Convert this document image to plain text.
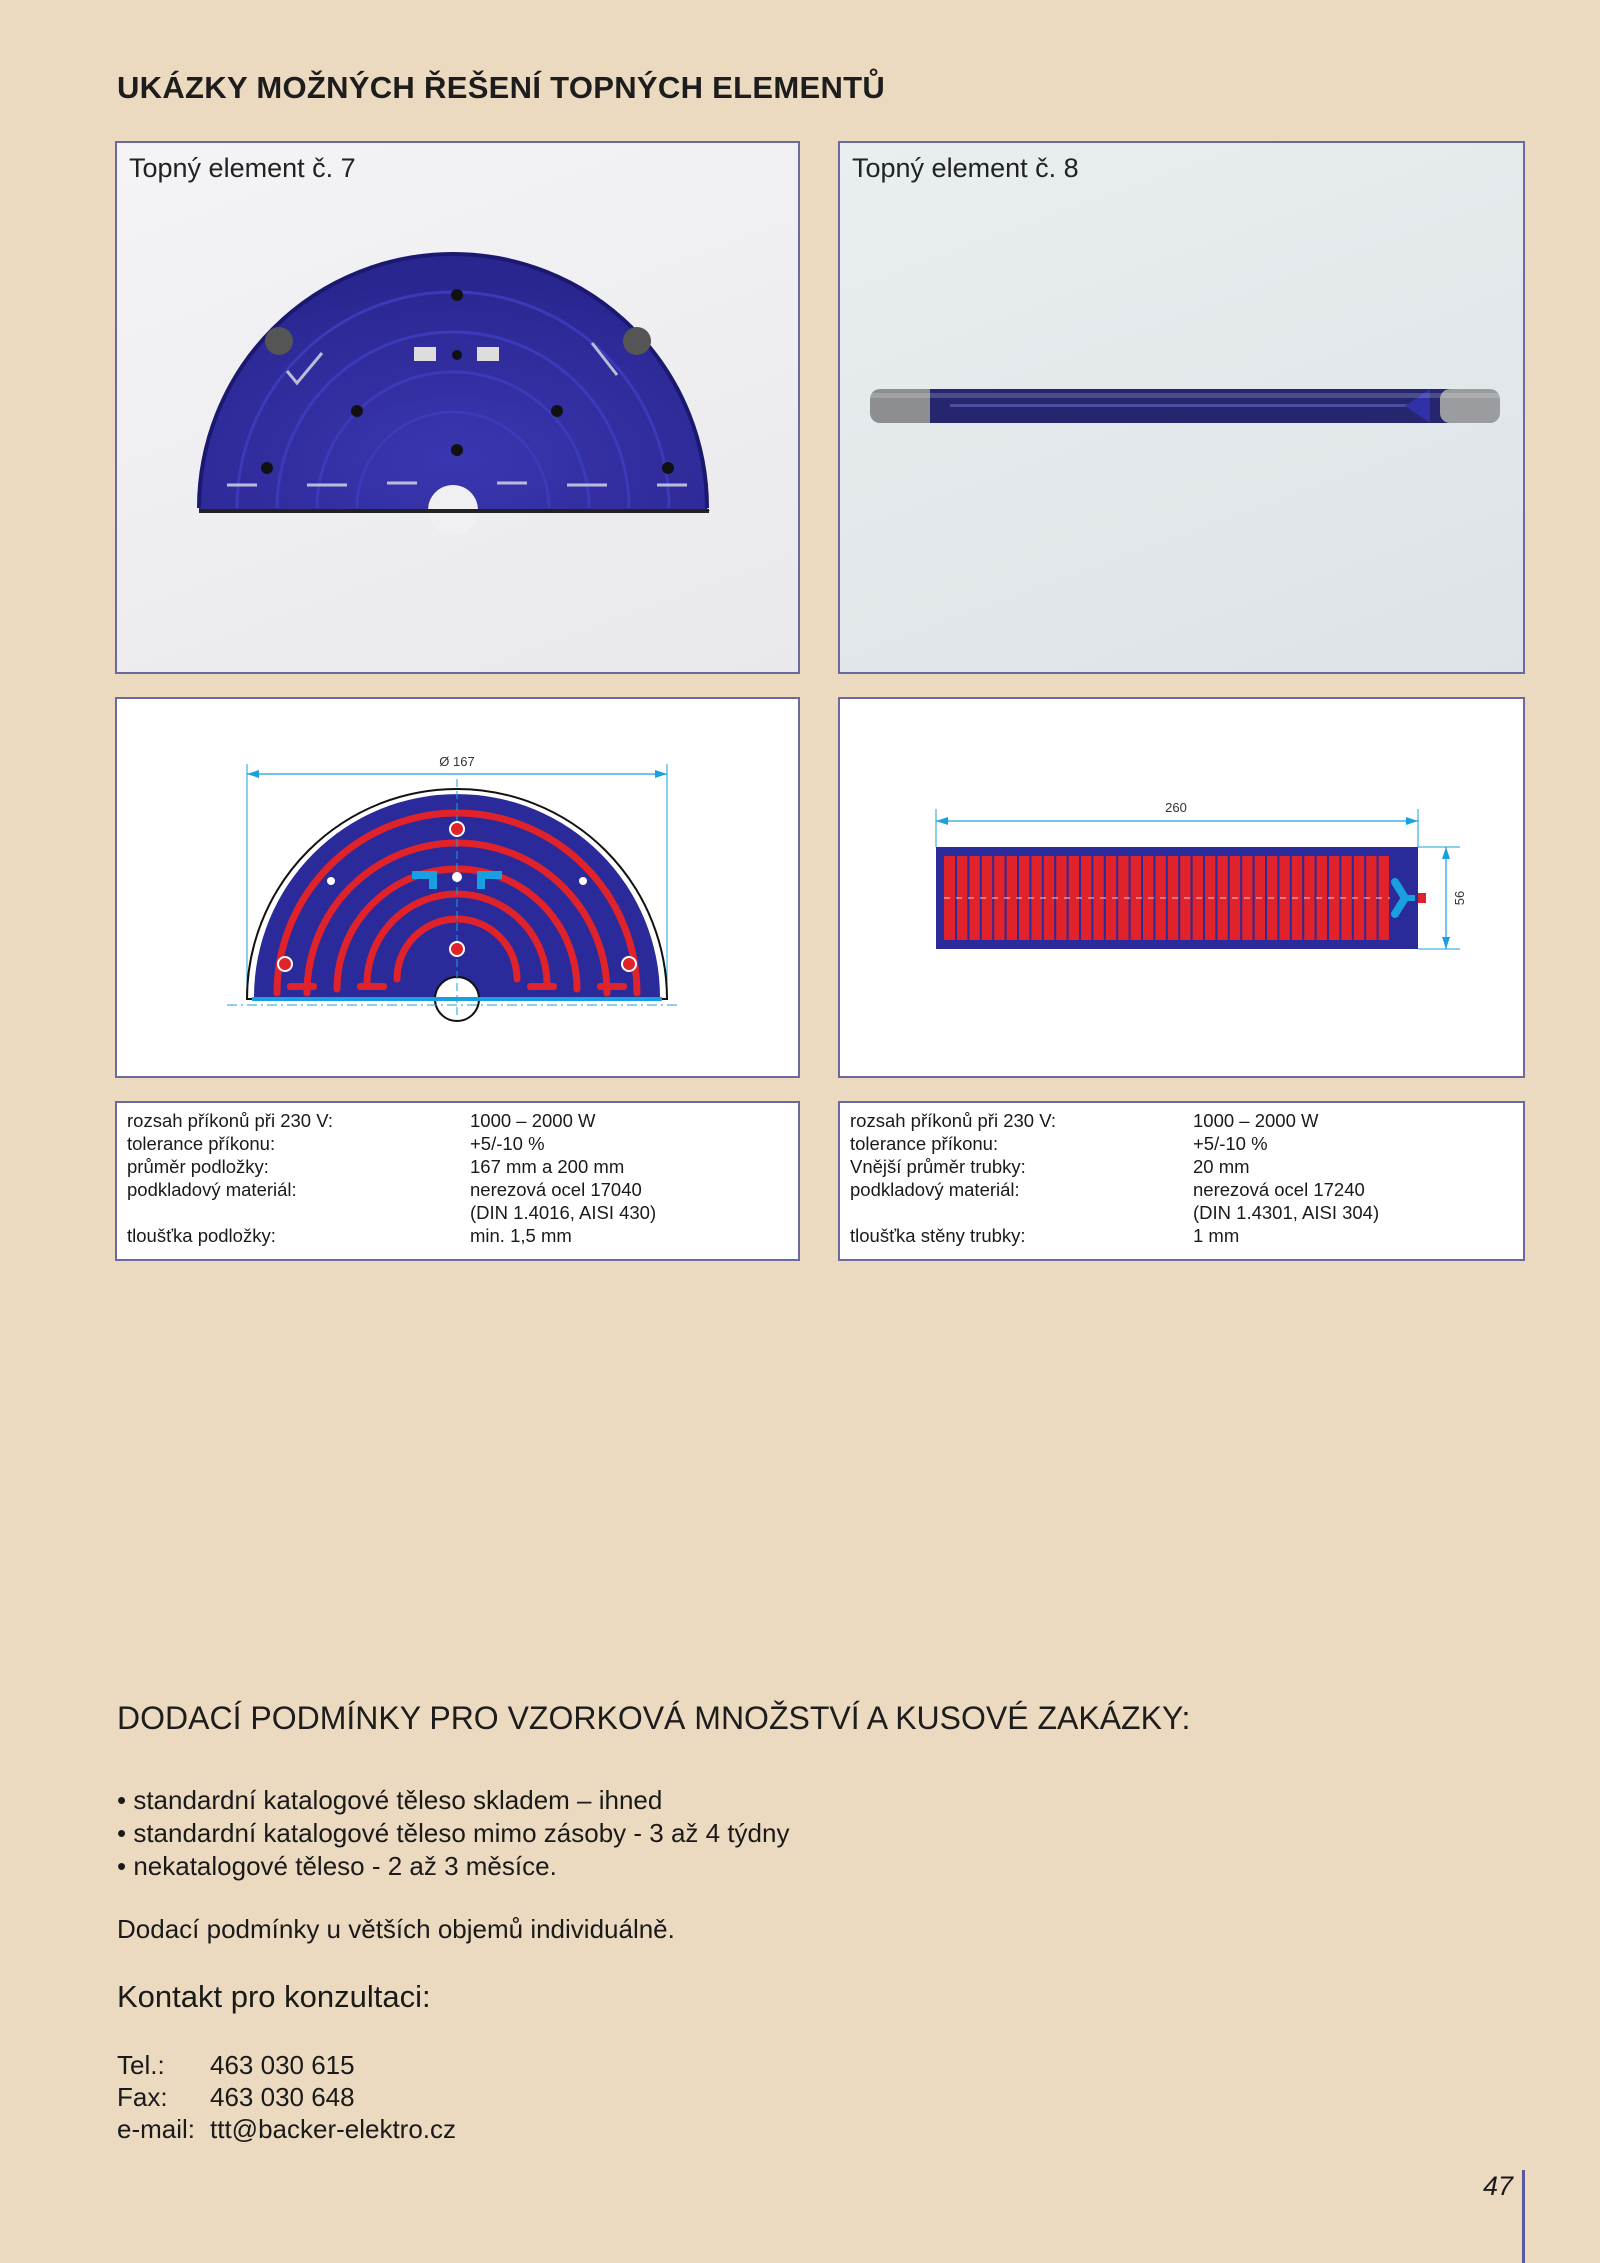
UKÁZKY MOŽNÝCH ŘEŠENÍ TOPNÝCH ELEMENTŮ
Topný element č. 7	Topný element č. 8
Ø 167
260
56
rozsah příkonů při 230 V:	1000 – 2000 W
tolerance příkonu:	+5/-10 %
průměr podložky:	167 mm a 200 mm
podkladový materiál:	nerezová ocel 17040
(DIN 1.4016, AISI 430)
tloušťka podložky:	min. 1,5 mm
rozsah příkonů při 230 V:	1000 – 2000 W
tolerance příkonu:	+5/-10 %
Vnější průměr trubky:	20 mm
podkladový materiál:	nerezová ocel 17240
(DIN 1.4301, AISI 304)
tloušťka stěny trubky:	1 mm
DODACÍ PODMÍNKY PRO VZORKOVÁ MNOŽSTVÍ A KUSOVÉ ZAKÁZKY:
• standardní katalogové těleso skladem – ihned
• standardní katalogové těleso mimo zásoby - 3 až 4 týdny
• nekatalogové těleso - 2 až 3 měsíce.
Dodací podmínky u větších objemů individuálně.
Kontakt pro konzultaci:
Tel.:	463 030 615
Fax:	463 030 648
e-mail: ttt@backer-elektro.cz
47
